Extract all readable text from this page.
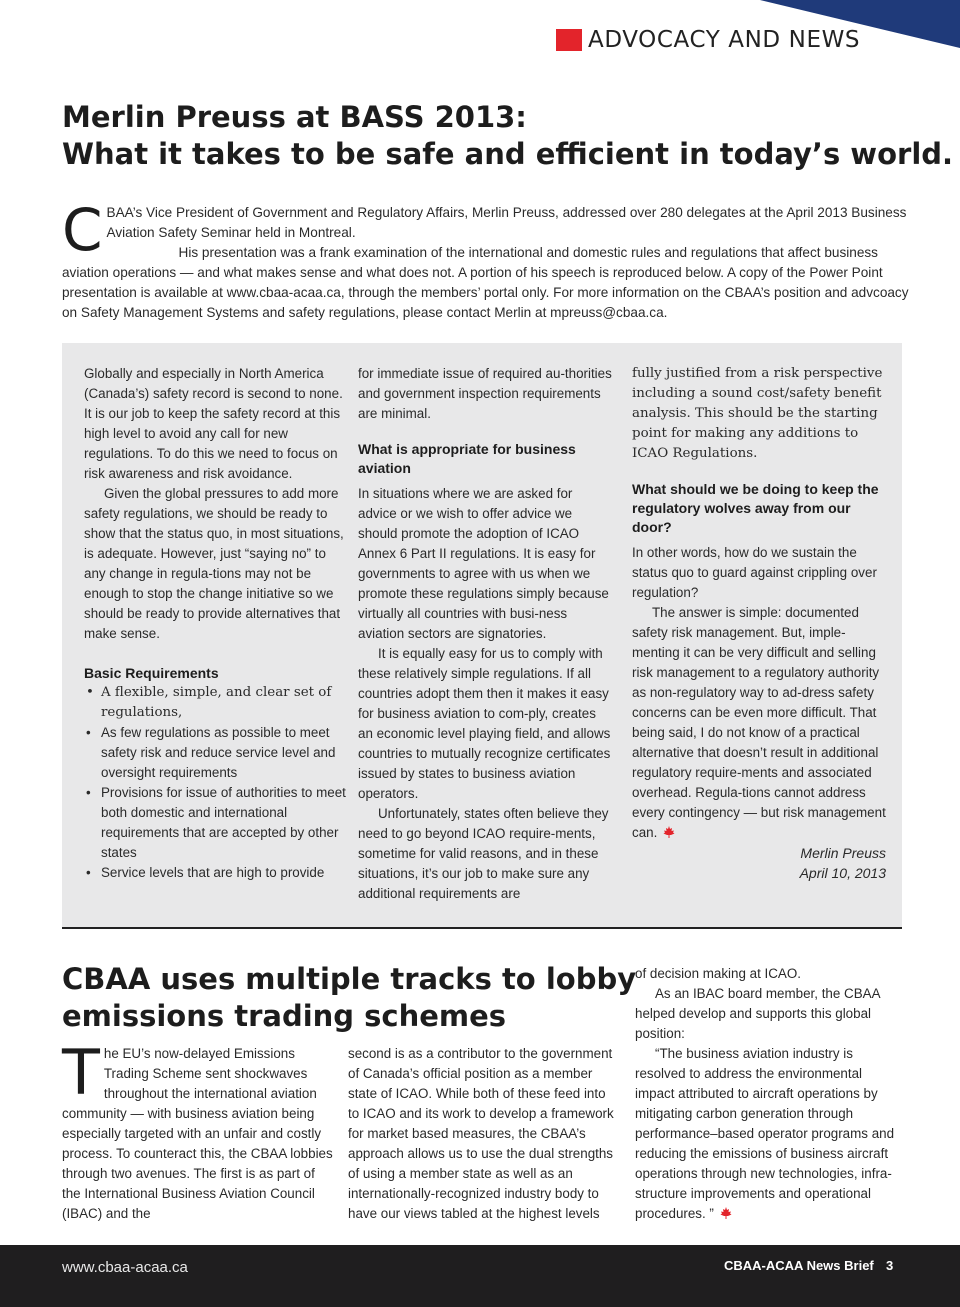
ADVOCACY AND NEWS
Merlin Preuss at BASS 2013:
What it takes to be safe and efficient in today’s world.
C BAA’s Vice President of Government and Regulatory Affairs, Merlin Preuss, addressed over 280 delegates at the April 2013 Business Aviation Safety Seminar held in Montreal.

His presentation was a frank examination of the international and domestic rules and regulations that affect business aviation operations — and what makes sense and what does not. A portion of his speech is reproduced below. A copy of the Power Point presentation is available at www.cbaa-acaa.ca, through the members’ portal only. For more information on the CBAA’s position and advcoacy on Safety Management Systems and safety regulations, please contact Merlin at mpreuss@cbaa.ca.

Globally and especially in North America (Canada’s) safety record is second to none. It is our job to keep the safety record at this high level to avoid any call for new regulations. To do this we need to focus on risk awareness and risk avoidance.

Given the global pressures to add more safety regulations, we should be ready to show that the status quo, in most situations, is adequate. However, just “saying no” to any change in regula-tions may not be enough to stop the change initiative so we should be ready to provide alternatives that make sense.

Basic Requirements
• A flexible, simple, and clear set of regulations,
• As few regulations as possible to meet safety risk and reduce service level and oversight requirements
• Provisions for issue of authorities to meet both domestic and international requirements that are accepted by other states
• Service levels that are high to provide

for immediate issue of required au-thorities and government inspection requirements are minimal.

What is appropriate for business aviation

In situations where we are asked for advice or we wish to offer advice we should promote the adoption of ICAO Annex 6 Part II regulations. It is easy for governments to agree with us when we promote these regulations simply because virtually all countries with busi-ness aviation sectors are signatories.

It is equally easy for us to comply with these relatively simple regulations. If all countries adopt them then it makes it easy for business aviation to com-ply, creates an economic level playing field, and allows countries to mutually recognize certificates issued by states to business aviation operators.

Unfortunately, states often believe they need to go beyond ICAO require-ments, sometime for valid reasons, and in these situations, it’s our job to make sure any additional requirements are

fully justified from a risk perspective including a sound cost/safety benefit analysis. This should be the starting point for making any additions to ICAO Regulations.

What should we be doing to keep the regulatory wolves away from our door?

In other words, how do we sustain the status quo to guard against crippling over regulation?

The answer is simple: documented safety risk management. But, imple-menting it can be very difficult and selling risk management to a regulatory authority as non-regulatory way to ad-dress safety concerns can be even more difficult. That being said, I do not know of a practical alternative that doesn’t result in additional regulatory require-ments and associated overhead. Regula-tions cannot address every contingency — but risk management can.

Merlin Preuss
April 10, 2013
CBAA uses multiple tracks to lobby
emissions trading schemes
T he EU’s now-delayed Emissions Trading Scheme sent shockwaves throughout the international aviation community — with business aviation being especially targeted with an unfair and costly process. To counteract this, the CBAA lobbies through two avenues. The first is as part of the International Business Aviation Council (IBAC) and the

second is as a contributor to the government of Canada’s official position as a member state of ICAO. While both of these feed into to ICAO and its work to develop a framework for market based measures, the CBAA’s approach allows us to use the dual strengths of using a member state as well as an internationally-recognized industry body to have our views tabled at the highest levels

of decision making at ICAO.

As an IBAC board member, the CBAA helped develop and supports this global position:

“The business aviation industry is resolved to address the environmental impact attributed to aircraft operations by mitigating carbon generation through performance–based operator programs and reducing the emissions of business aircraft operations through new technologies, infra-structure improvements and operational procedures. ”

www.cbaa-acaa.ca	CBAA-ACAA News Brief 3
